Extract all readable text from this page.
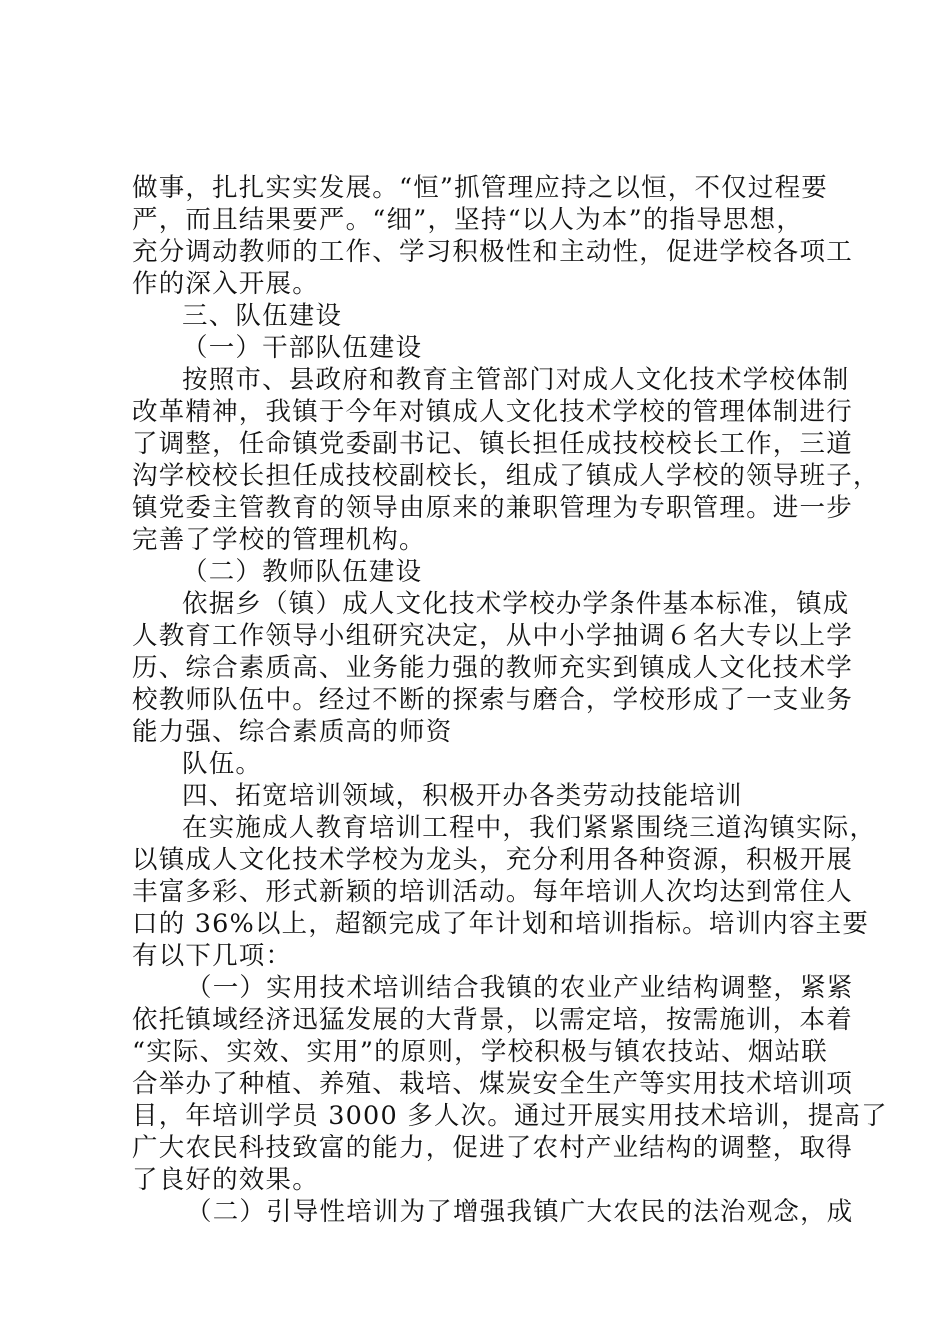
做事，扎扎实实发展。“恒”抓管理应持之以恒，不仅过程要
严，而且结果要严。“细”，坚持“以人为本”的指导思想，
充分调动教师的工作、学习积极性和主动性，促进学校各项工
作的深入开展。
三、队伍建设
（一）干部队伍建设
按照市、县政府和教育主管部门对成人文化技术学校体制
改革精神，我镇于今年对镇成人文化技术学校的管理体制进行
了调整，任命镇党委副书记、镇长担任成技校校长工作，三道
沟学校校长担任成技校副校长，组成了镇成人学校的领导班子，
镇党委主管教育的领导由原来的兼职管理为专职管理。进一步
完善了学校的管理机构。
（二）教师队伍建设
依据乡（镇）成人文化技术学校办学条件基本标准，镇成
人教育工作领导小组研究决定，从中小学抽调６名大专以上学
历、综合素质高、业务能力强的教师充实到镇成人文化技术学
校教师队伍中。经过不断的探索与磨合，学校形成了一支业务
能力强、综合素质高的师资
队伍。
四、拓宽培训领域，积极开办各类劳动技能培训
在实施成人教育培训工程中，我们紧紧围绕三道沟镇实际，
以镇成人文化技术学校为龙头，充分利用各种资源，积极开展
丰富多彩、形式新颖的培训活动。每年培训人次均达到常住人
口的 36%以上，超额完成了年计划和培训指标。培训内容主要
有以下几项：
（一）实用技术培训结合我镇的农业产业结构调整，紧紧
依托镇域经济迅猛发展的大背景，以需定培，按需施训，本着
“实际、实效、实用”的原则，学校积极与镇农技站、烟站联
合举办了种植、养殖、栽培、煤炭安全生产等实用技术培训项
目，年培训学员 3000 多人次。通过开展实用技术培训，提高了
广大农民科技致富的能力，促进了农村产业结构的调整，取得
了良好的效果。
（二）引导性培训为了增强我镇广大农民的法治观念，成
